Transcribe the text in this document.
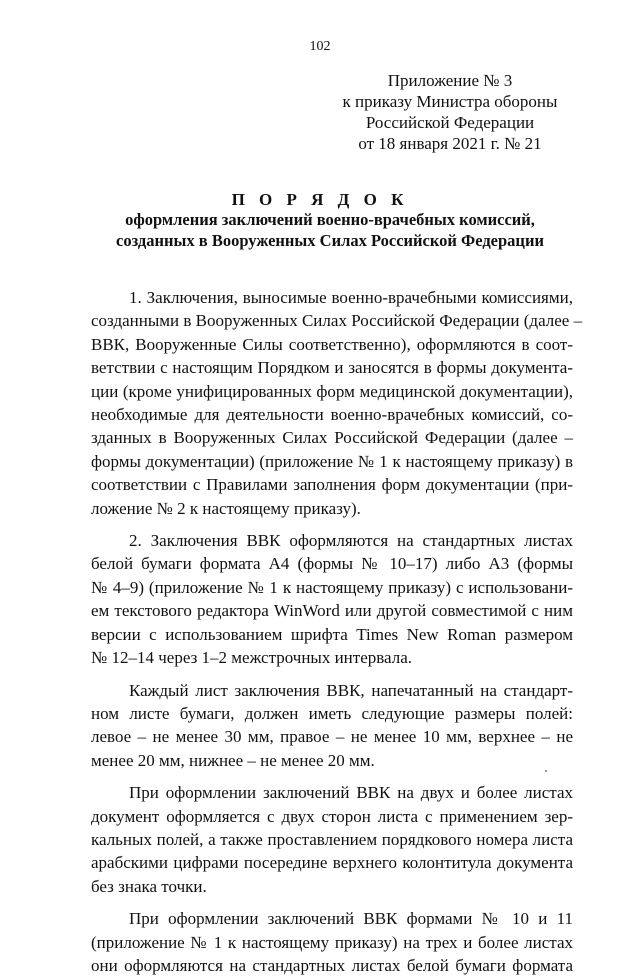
102
Приложение № 3
к приказу Министра обороны
Российской Федерации
от 18 января 2021 г. № 21
П О Р Я Д О К
оформления заключений военно-врачебных комиссий,
созданных в Вооруженных Силах Российской Федерации
1. Заключения, выносимые военно-врачебными комиссиями,
созданными в Вооруженных Силах Российской Федерации (далее –
ВВК, Вооруженные Силы соответственно), оформляются в соот-
ветствии с настоящим Порядком и заносятся в формы документа-
ции (кроме унифицированных форм медицинской документации),
необходимые для деятельности военно-врачебных комиссий, со-
зданных в Вооруженных Силах Российской Федерации (далее –
формы документации) (приложение № 1 к настоящему приказу) в
соответствии с Правилами заполнения форм документации (при-
ложение № 2 к настоящему приказу).
2. Заключения ВВК оформляются на стандартных листах
белой бумаги формата А4 (формы № 10–17) либо А3 (формы
№ 4–9) (приложение № 1 к настоящему приказу) с использовани-
ем текстового редактора WinWord или другой совместимой с ним
версии с использованием шрифта Times New Roman размером
№ 12–14 через 1–2 межстрочных интервала.
Каждый лист заключения ВВК, напечатанный на стандарт-
ном листе бумаги, должен иметь следующие размеры полей:
левое – не менее 30 мм, правое – не менее 10 мм, верхнее – не
менее 20 мм, нижнее – не менее 20 мм.
При оформлении заключений ВВК на двух и более листах
документ оформляется с двух сторон листа с применением зер-
кальных полей, а также проставлением порядкового номера листа
арабскими цифрами посередине верхнего колонтитула документа
без знака точки.
При оформлении заключений ВВК формами № 10 и 11
(приложение № 1 к настоящему приказу) на трех и более листах
они оформляются на стандартных листах белой бумаги формата
